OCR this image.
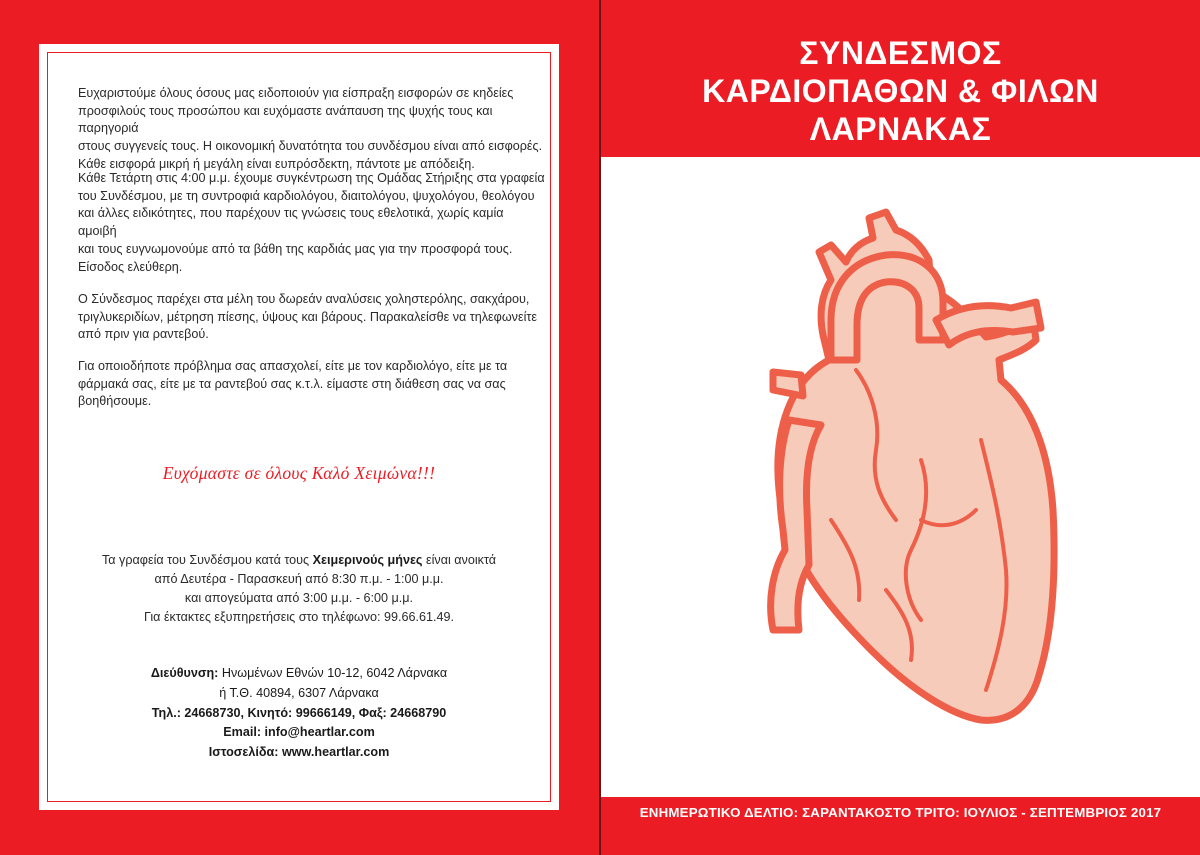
Ευχαριστούμε όλους όσους μας ειδοποιούν για είσπραξη εισφορών σε κηδείες
προσφιλούς τους προσώπου και ευχόμαστε ανάπαυση της ψυχής τους και παρηγοριά
στους συγγενείς τους. Η οικονομική δυνατότητα του συνδέσμου είναι από εισφορές.
Κάθε εισφορά μικρή ή μεγάλη είναι ευπρόσδεκτη, πάντοτε με απόδειξη.
Κάθε Τετάρτη στις 4:00 μ.μ. έχουμε συγκέντρωση της Ομάδας Στήριξης στα γραφεία
του Συνδέσμου, με τη συντροφιά καρδιολόγου, διαιτολόγου, ψυχολόγου, θεολόγου
και άλλες ειδικότητες, που παρέχουν τις γνώσεις τους εθελοτικά, χωρίς καμία
αμοιβή
και τους ευγνωμονούμε από τα βάθη της καρδιάς μας για την προσφορά τους.
Είσοδος ελεύθερη.
Ο Σύνδεσμος παρέχει στα μέλη του δωρεάν αναλύσεις χοληστερόλης, σακχάρου,
τριγλυκεριδίων, μέτρηση πίεσης, ύψους και βάρους. Παρακαλείσθε να τηλεφωνείτε
από πριν για ραντεβού.
Για οποιοδήποτε πρόβλημα σας απασχολεί, είτε με τον καρδιολόγο, είτε με τα
φάρμακά σας, είτε με τα ραντεβού σας κ.τ.λ. είμαστε στη διάθεση σας να σας
βοηθήσουμε.
Ευχόμαστε σε όλους Καλό Χειμώνα!!!
Τα γραφεία του Συνδέσμου κατά τους Χειμερινούς μήνες είναι ανοικτά
από Δευτέρα - Παρασκευή από 8:30 π.μ. - 1:00 μ.μ.
και απογεύματα από 3:00 μ.μ. - 6:00 μ.μ.
Για έκτακτες εξυπηρετήσεις στο τηλέφωνο: 99.66.61.49.
Διεύθυνση: Ηνωμένων Εθνών 10-12, 6042 Λάρνακα
ή Τ.Θ. 40894, 6307 Λάρνακα
Τηλ.: 24668730, Κινητό: 99666149, Φαξ: 24668790
Email: info@heartlar.com
Ιστοσελίδα: www.heartlar.com
ΣΥΝΔΕΣΜΟΣ
ΚΑΡΔΙΟΠΑΘΩΝ & ΦΙΛΩΝ
ΛΑΡΝΑΚΑΣ
ΕΝΗΜΕΡΩΤΙΚΟ ΔΕΛΤΙΟ: ΣΑΡΑΝΤΑΚΟΣΤΟ ΤΡΙΤΟ: ΙΟΥΛΙΟΣ - ΣΕΠΤΕΜΒΡΙΟΣ 2017
